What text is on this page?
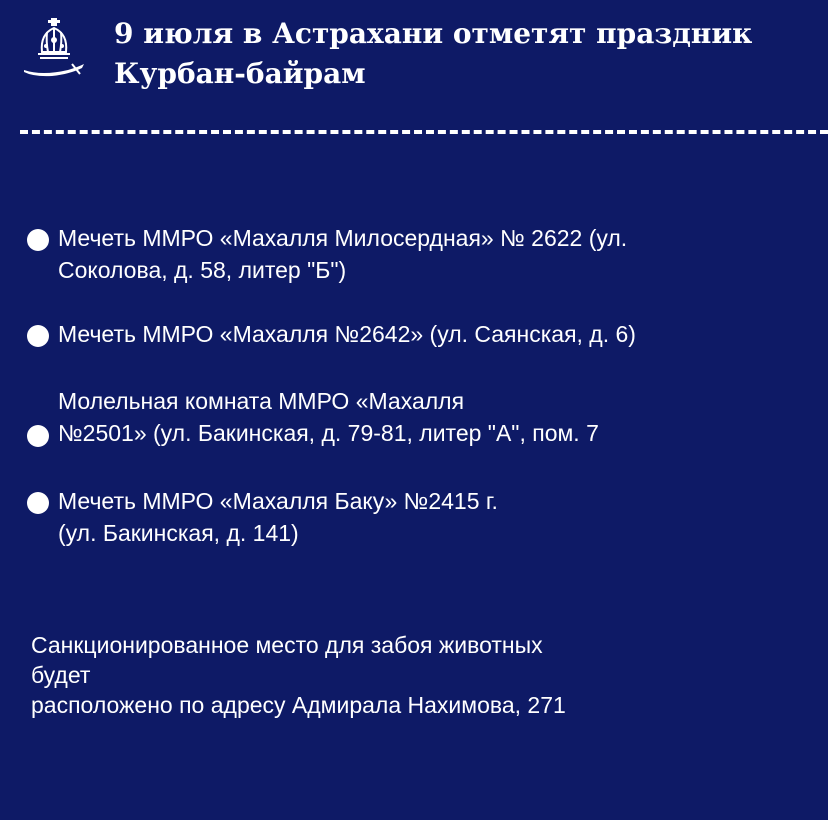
9 июля в Астрахани отметят праздник
Курбан-байрам
Мечеть ММРО «Махалля Милосердная» № 2622 (ул.
Соколова, д. 58, литер "Б")
Мечеть ММРО «Махалля №2642» (ул. Саянская, д. 6)
Молельная комната ММРО «Махалля
№2501» (ул. Бакинская, д. 79-81, литер "А", пом. 7
Мечеть ММРО «Махалля Баку» №2415 г.
(ул. Бакинская, д. 141)
Санкционированное место для забоя животных
будет
расположено по адресу Адмирала Нахимова, 271
